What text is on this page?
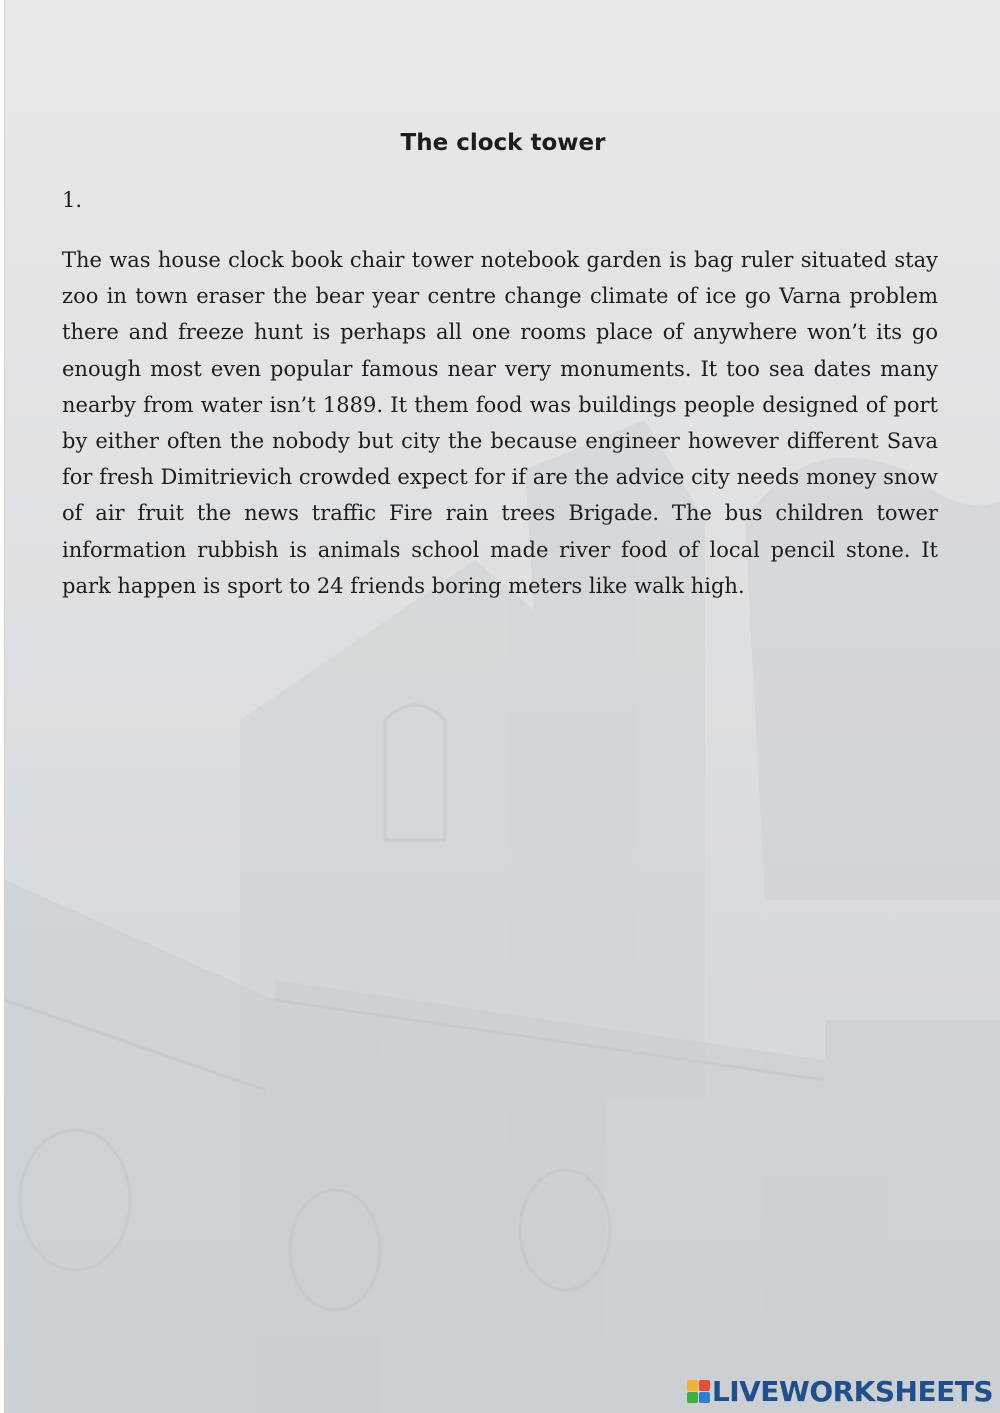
The clock tower
1.

The was house clock book chair tower notebook garden is bag ruler situated stay zoo in town eraser the bear year centre change climate of ice go Varna problem there and freeze hunt is perhaps all one rooms place of anywhere won’t its go enough most even popular famous near very monuments. It too sea dates many nearby from water isn’t 1889. It them food was buildings people designed of port by either often the nobody but city the because engineer however different Sava for fresh Dimitrievich crowded expect for if are the advice city needs money snow of air fruit the news traffic Fire rain trees Brigade. The bus children tower information rubbish is animals school made river food of local pencil stone. It park happen is sport to 24 friends boring meters like walk high.

LIVEWORKSHEETS
